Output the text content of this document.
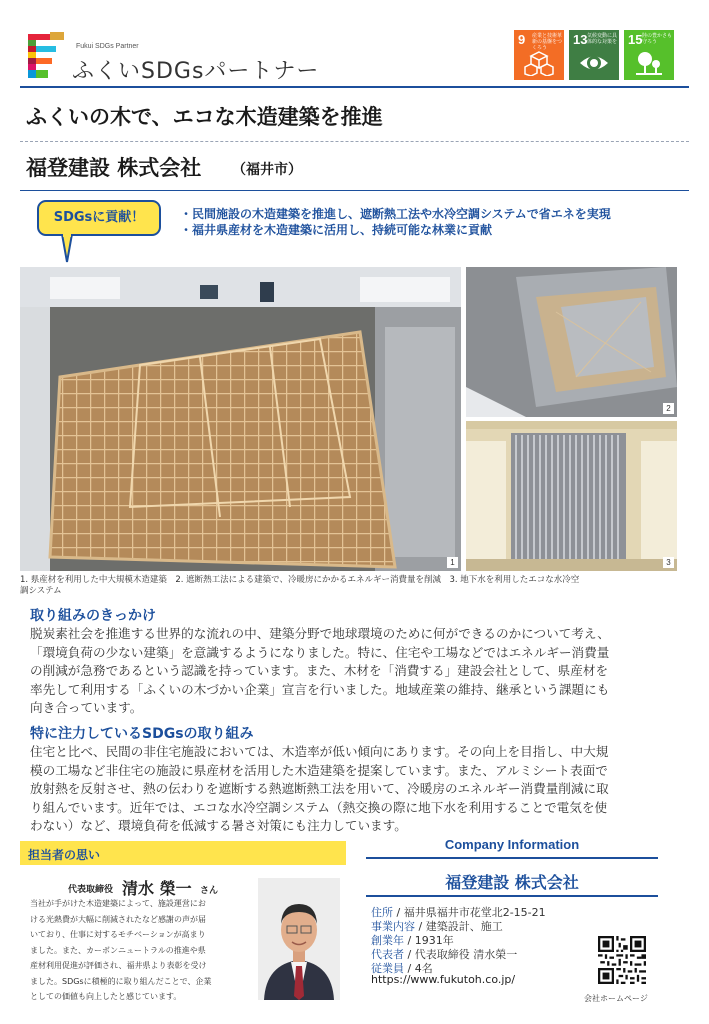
Fukui SDGs Partner
ふくいSDGsパートナー
9 産業と技術革新の基盤をつくろう
13 気候変動に具体的な対策を 15 陸の豊かさも守ろう
ふくいの木で、エコな木造建築を推進
福登建設 株式会社 （福井市）
SDGsに貢献！	・民間施設の木造建築を推進し、遮断熱工法や水冷空調システムで省エネを実現
・福井県産材を木造建築に活用し、持続可能な林業に貢献
1
2
3
1. 県産材を利用した中大規模木造建築　2. 遮断熱工法による建築で、冷暖房にかかるエネルギー消費量を削減　3. 地下水を利用したエコな水冷空
調システム
取り組みのきっかけ
脱炭素社会を推進する世界的な流れの中、建築分野で地球環境のために何ができるのかについて考え、
「環境負荷の少ない建築」を意識するようになりました。特に、住宅や工場などではエネルギー消費量
の削減が急務であるという認識を持っています。また、木材を「消費する」建設会社として、県産材を
率先して利用する「ふくいの木づかい企業」宣言を行いました。地域産業の維持、継承という課題にも
向き合っています。
特に注力しているSDGsの取り組み
住宅と比べ、民間の非住宅施設においては、木造率が低い傾向にあります。その向上を目指し、中大規
模の工場など非住宅の施設に県産材を活用した木造建築を提案しています。また、アルミシート表面で
放射熱を反射させ、熱の伝わりを遮断する熱遮断熱工法を用いて、冷暖房のエネルギー消費量削減に取
り組んでいます。近年では、エコな水冷空調システム（熱交換の際に地下水を利用することで電気を使
わない）など、環境負荷を低減する暑さ対策にも注力しています。
担当者の思い
代表取締役 清水 榮一 さん
当社が手がけた木造建築によって、施設運営にお
ける光熱費が大幅に削減されたなど感謝の声が届
いており、仕事に対するモチベーションが高まり
ました。また、カーボンニュートラルの推進や県
産材利用促進が評価され、福井県より表彰を受け
ました。SDGsに積極的に取り組んだことで、企業
としての価値も向上したと感じています。
Company Information
福登建設 株式会社
住所 / 福井県福井市花堂北2-15-21
事業内容 / 建築設計、施工
創業年 / 1931年
代表者 / 代表取締役 清水榮一
従業員 / 4名
https://www.fukutoh.co.jp/
会社ホームページ
